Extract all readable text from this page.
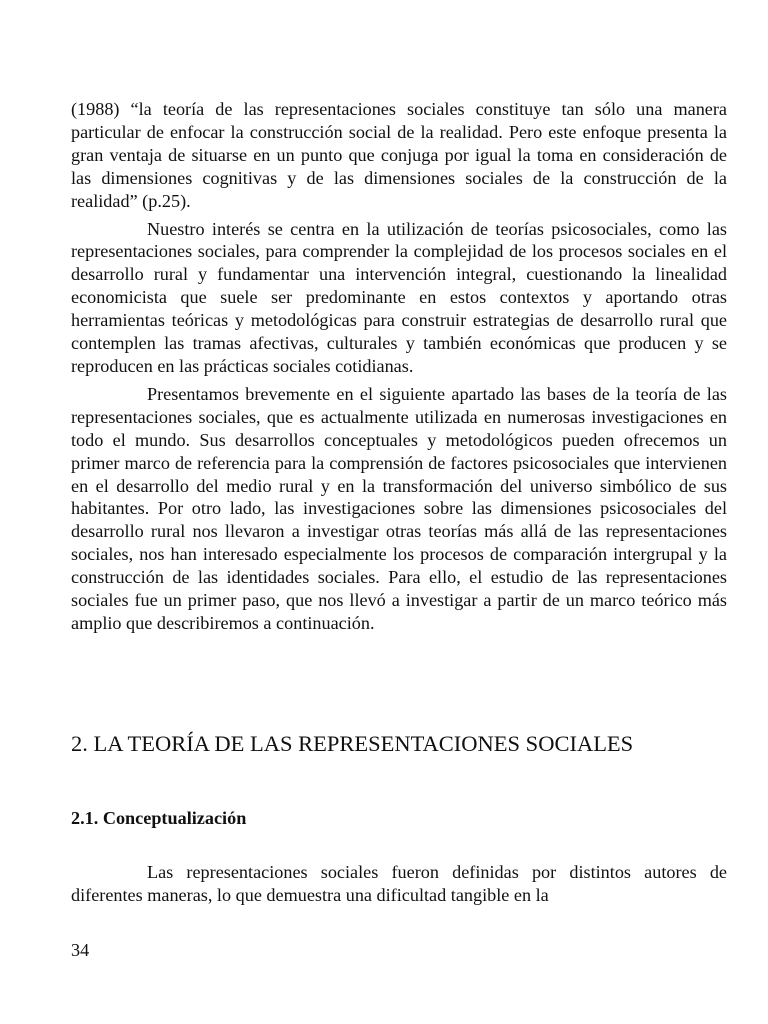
(1988) “la teoría de las representaciones sociales constituye tan sólo una manera particular de enfocar la construcción social de la realidad. Pero este enfoque presenta la gran ventaja de situarse en un punto que conjuga por igual la toma en consideración de las dimensiones cognitivas y de las dimensiones sociales de la construcción de la realidad” (p.25).

Nuestro interés se centra en la utilización de teorías psicosociales, como las representaciones sociales, para comprender la complejidad de los procesos sociales en el desarrollo rural y fundamentar una intervención integral, cuestionando la linealidad economicista que suele ser predominante en estos contextos y aportando otras herramientas teóricas y metodológicas para construir estrategias de desarrollo rural que contemplen las tramas afectivas, culturales y también económicas que producen y se reproducen en las prácticas sociales cotidianas.

Presentamos brevemente en el siguiente apartado las bases de la teoría de las representaciones sociales, que es actualmente utilizada en numerosas investigaciones en todo el mundo. Sus desarrollos conceptuales y metodológicos pueden ofrecemos un primer marco de referencia para la comprensión de factores psicosociales que intervienen en el desarrollo del medio rural y en la transformación del universo simbólico de sus habitantes. Por otro lado, las investigaciones sobre las dimensiones psicosociales del desarrollo rural nos llevaron a investigar otras teorías más allá de las representaciones sociales, nos han interesado especialmente los procesos de comparación intergrupal y la construcción de las identidades sociales. Para ello, el estudio de las representaciones sociales fue un primer paso, que nos llevó a investigar a partir de un marco teórico más amplio que describiremos a continuación.

2. LA TEORÍA DE LAS REPRESENTACIONES SOCIALES
2.1. Conceptualización

Las representaciones sociales fueron definidas por distintos autores de diferentes maneras, lo que demuestra una dificultad tangible en la

34
